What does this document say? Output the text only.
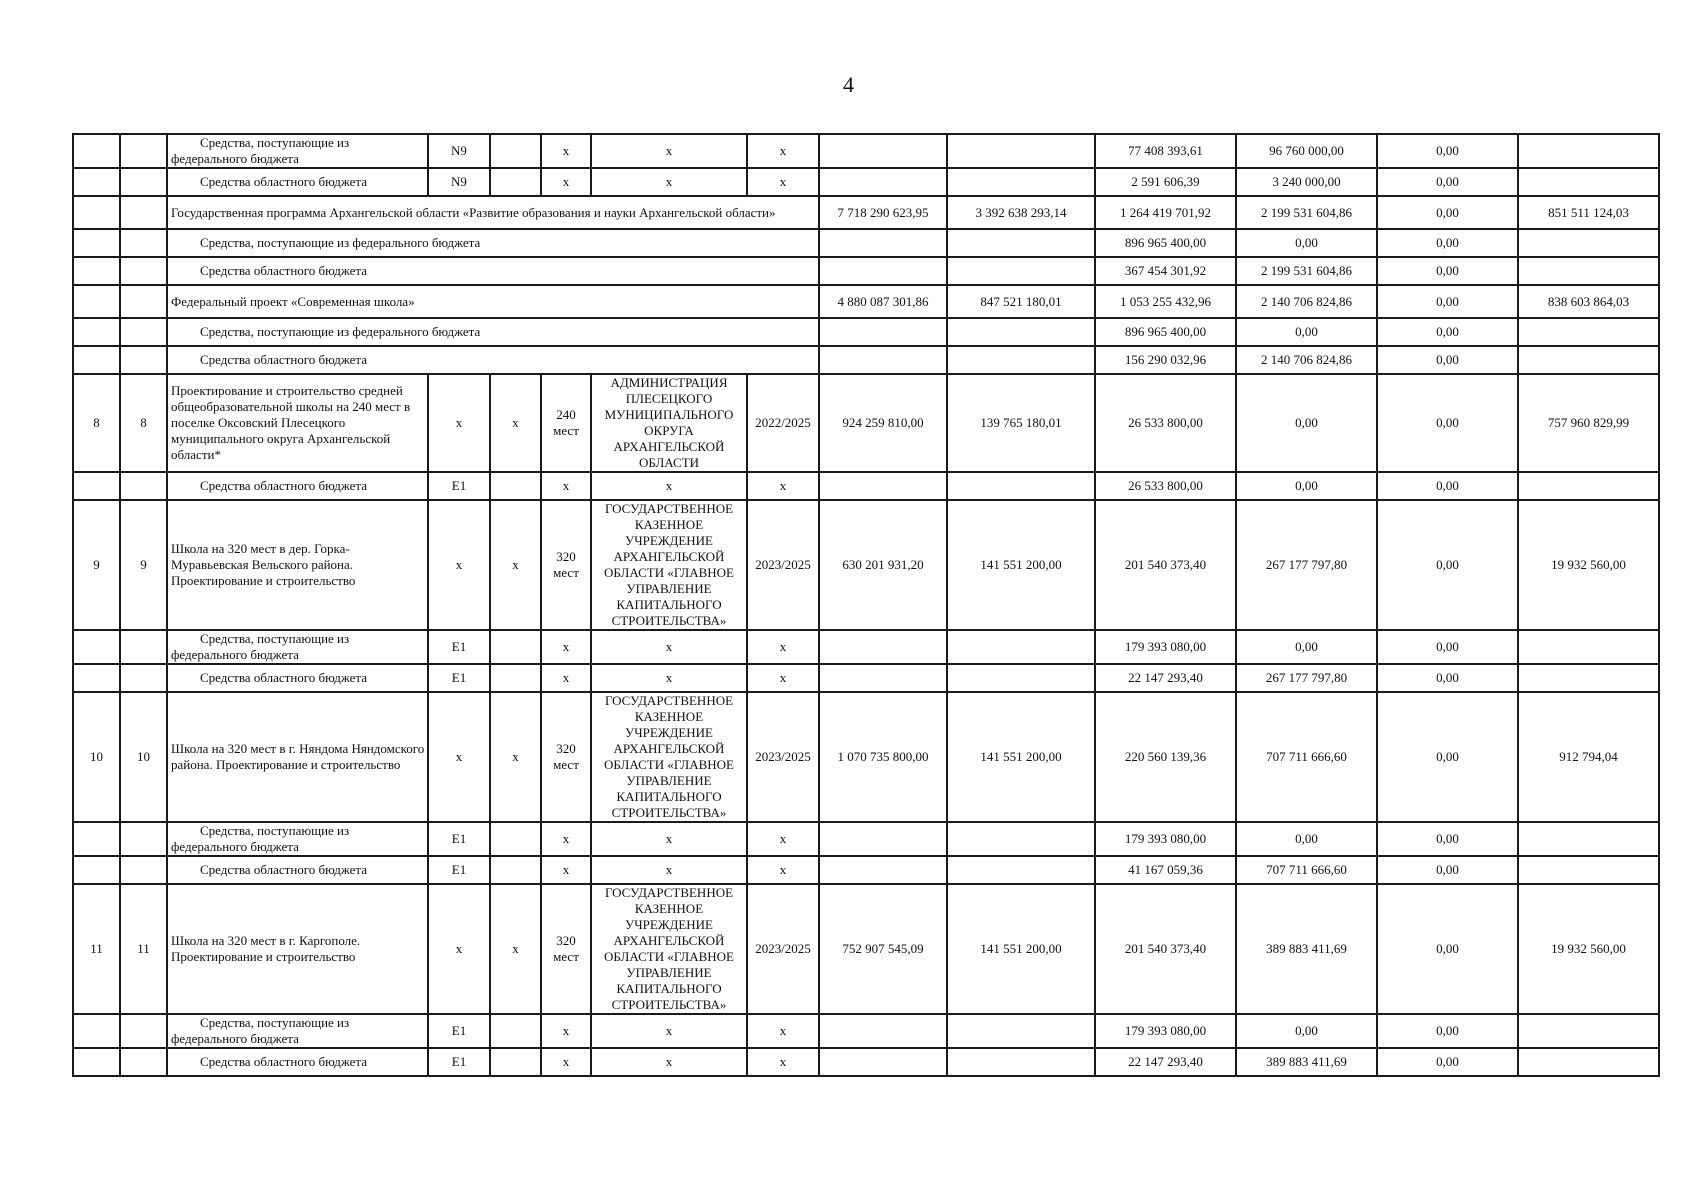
4
		Средства, поступающие из федерального бюджета	N9		x	x	x			77 408 393,61	96 760 000,00	0,00	
		Средства областного бюджета	N9		x	x	x			2 591 606,39	3 240 000,00	0,00	
		Государственная программа Архангельской области «Развитие образования и науки Архангельской области»						7 718 290 623,95	3 392 638 293,14	1 264 419 701,92	2 199 531 604,86	0,00	851 511 124,03
		Средства, поступающие из федерального бюджета								896 965 400,00	0,00	0,00	
		Средства областного бюджета								367 454 301,92	2 199 531 604,86	0,00	
		Федеральный проект «Современная школа»						4 880 087 301,86	847 521 180,01	1 053 255 432,96	2 140 706 824,86	0,00	838 603 864,03
		Средства, поступающие из федерального бюджета								896 965 400,00	0,00	0,00	
		Средства областного бюджета								156 290 032,96	2 140 706 824,86	0,00	
8	8	Проектирование и строительство средней общеобразовательной школы на 240 мест в поселке Оксовский Плесецкого муниципального округа Архангельской области*	x	x	240 мест	АДМИНИСТРАЦИЯ ПЛЕСЕЦКОГО МУНИЦИПАЛЬНОГО ОКРУГА АРХАНГЕЛЬСКОЙ ОБЛАСТИ	2022/2025	924 259 810,00	139 765 180,01	26 533 800,00	0,00	0,00	757 960 829,99
		Средства областного бюджета	E1		x	x	x			26 533 800,00	0,00	0,00	
9	9	Школа на 320 мест в дер. Горка-Муравьевская Вельского района. Проектирование и строительство	x	x	320 мест	ГОСУДАРСТВЕННОЕ КАЗЕННОЕ УЧРЕЖДЕНИЕ АРХАНГЕЛЬСКОЙ ОБЛАСТИ «ГЛАВНОЕ УПРАВЛЕНИЕ КАПИТАЛЬНОГО СТРОИТЕЛЬСТВА»	2023/2025	630 201 931,20	141 551 200,00	201 540 373,40	267 177 797,80	0,00	19 932 560,00
		Средства, поступающие из федерального бюджета	E1		x	x	x			179 393 080,00	0,00	0,00	
		Средства областного бюджета	E1		x	x	x			22 147 293,40	267 177 797,80	0,00	
10	10	Школа на 320 мест в г. Няндома Няндомского района. Проектирование и строительство	x	x	320 мест	ГОСУДАРСТВЕННОЕ КАЗЕННОЕ УЧРЕЖДЕНИЕ АРХАНГЕЛЬСКОЙ ОБЛАСТИ «ГЛАВНОЕ УПРАВЛЕНИЕ КАПИТАЛЬНОГО СТРОИТЕЛЬСТВА»	2023/2025	1 070 735 800,00	141 551 200,00	220 560 139,36	707 711 666,60	0,00	912 794,04
		Средства, поступающие из федерального бюджета	E1		x	x	x			179 393 080,00	0,00	0,00	
		Средства областного бюджета	E1		x	x	x			41 167 059,36	707 711 666,60	0,00	
11	11	Школа на 320 мест в г. Каргополе. Проектирование и строительство	x	x	320 мест	ГОСУДАРСТВЕННОЕ КАЗЕННОЕ УЧРЕЖДЕНИЕ АРХАНГЕЛЬСКОЙ ОБЛАСТИ «ГЛАВНОЕ УПРАВЛЕНИЕ КАПИТАЛЬНОГО СТРОИТЕЛЬСТВА»	2023/2025	752 907 545,09	141 551 200,00	201 540 373,40	389 883 411,69	0,00	19 932 560,00
		Средства, поступающие из федерального бюджета	E1		x	x	x			179 393 080,00	0,00	0,00	
		Средства областного бюджета	E1		x	x	x			22 147 293,40	389 883 411,69	0,00	
